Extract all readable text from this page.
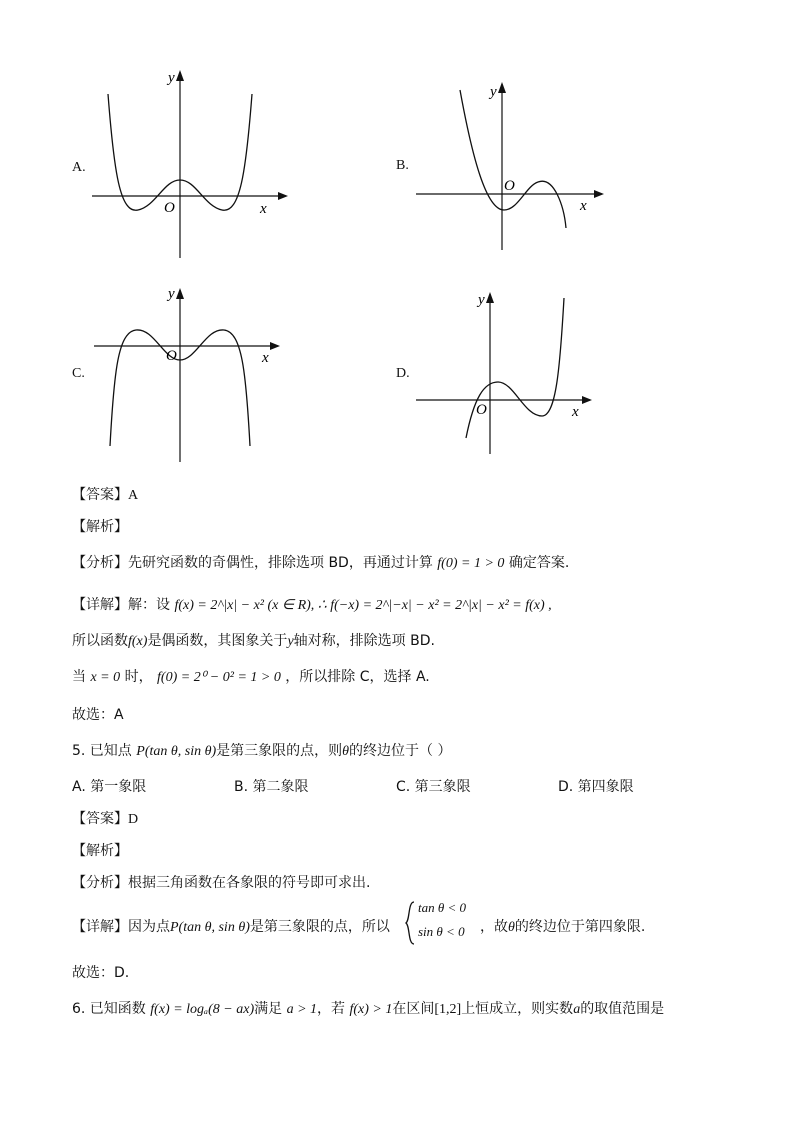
A.
y
x
O
B.
y
x
O
C.
y
x
O
D.
y
x
O
【答案】A
【解析】
【分析】先研究函数的奇偶性，排除选项 BD，再通过计算 f(0) = 1 > 0 确定答案.
【详解】解：设 f(x) = 2^|x| − x² (x ∈ R), ∴ f(−x) = 2^|−x| − x² = 2^|x| − x² = f(x) ,
所以函数f(x)是偶函数，其图象关于y轴对称，排除选项 BD.
当 x = 0 时， f(0) = 2⁰ − 0² = 1 > 0 ，所以排除 C，选择 A.
故选：A
5. 已知点 P(tan θ, sin θ)是第三象限的点，则θ的终边位于（ ）
A. 第一象限	B. 第二象限	C. 第三象限	D. 第四象限
【答案】D
【解析】
【分析】根据三角函数在各象限的符号即可求出.
【详解】因为点P(tan θ, sin θ)是第三象限的点，所以
tan θ < 0
sin θ < 0 ，故θ的终边位于第四象限.
故选：D.
6. 已知函数 f(x) = logₐ(8 − ax)满足 a > 1，若 f(x) > 1在区间[1,2]上恒成立，则实数a的取值范围是
